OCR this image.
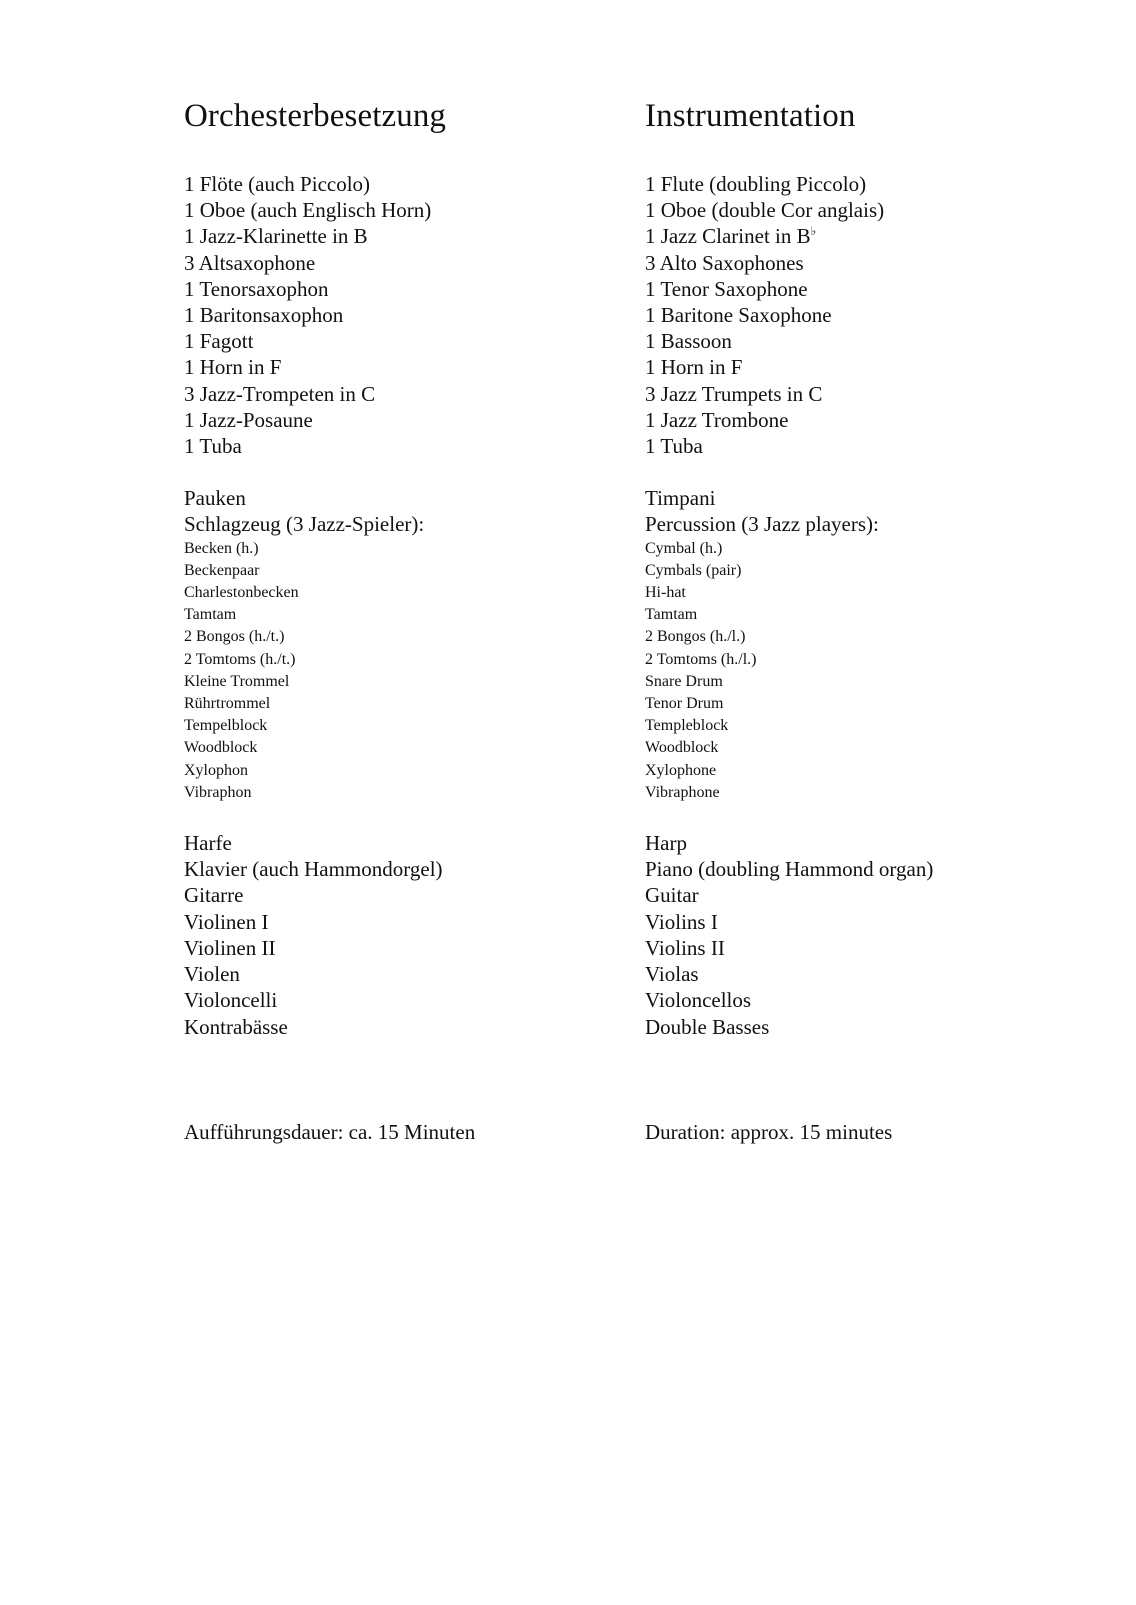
Orchesterbesetzung
1 Flöte (auch Piccolo)
1 Oboe (auch Englisch Horn)
1 Jazz-Klarinette in B
3 Altsaxophone
1 Tenorsaxophon
1 Baritonsaxophon
1 Fagott
1 Horn in F
3 Jazz-Trompeten in C
1 Jazz-Posaune
1 Tuba
Pauken
Schlagzeug (3 Jazz-Spieler):
Becken (h.)
Beckenpaar
Charlestonbecken
Tamtam
2 Bongos (h./t.)
2 Tomtoms (h./t.)
Kleine Trommel
Rührtrommel
Tempelblock
Woodblock
Xylophon
Vibraphon
Harfe
Klavier (auch Hammondorgel)
Gitarre
Violinen I
Violinen II
Violen
Violoncelli
Kontrabässe
Instrumentation
1 Flute (doubling Piccolo)
1 Oboe (double Cor anglais)
1 Jazz Clarinet in B♭
3 Alto Saxophones
1 Tenor Saxophone
1 Baritone Saxophone
1 Bassoon
1 Horn in F
3 Jazz Trumpets in C
1 Jazz Trombone
1 Tuba
Timpani
Percussion (3 Jazz players):
Cymbal (h.)
Cymbals (pair)
Hi-hat
Tamtam
2 Bongos (h./l.)
2 Tomtoms (h./l.)
Snare Drum
Tenor Drum
Templeblock
Woodblock
Xylophone
Vibraphone
Harp
Piano (doubling Hammond organ)
Guitar
Violins I
Violins II
Violas
Violoncellos
Double Basses
Aufführungsdauer: ca. 15 Minuten	Duration: approx. 15 minutes
